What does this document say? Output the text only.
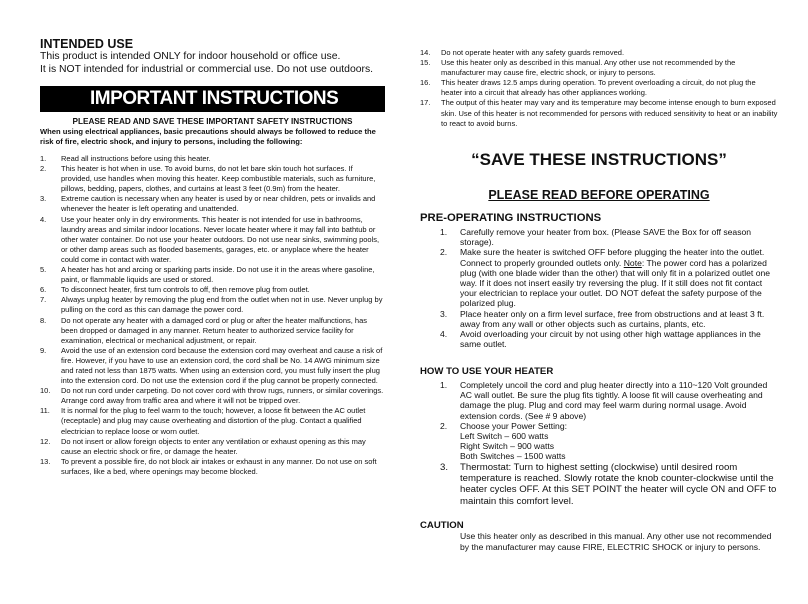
INTENDED USE
This product is intended ONLY for indoor household or office use.
It is NOT intended for industrial or commercial use. Do not use outdoors.
IMPORTANT INSTRUCTIONS
PLEASE READ AND SAVE THESE IMPORTANT SAFETY INSTRUCTIONS
When using electrical appliances, basic precautions should always be followed to reduce the risk of fire, electric shock, and injury to persons, including the following:
1. Read all instructions before using this heater.
2. This heater is hot when in use. To avoid burns, do not let bare skin touch hot surfaces. If provided, use handles when moving this heater. Keep combustible materials, such as furniture, pillows, bedding, papers, clothes, and curtains at least 3 feet (0.9m) from the heater.
3. Extreme caution is necessary when any heater is used by or near children, pets or invalids and whenever the heater is left operating and unattended.
4. Use your heater only in dry environments. This heater is not intended for use in bathrooms, laundry areas and similar indoor locations. Never locate heater where it may fall into bathtub or other water container. Do not use your heater outdoors. Do not use near sinks, swimming pools, or other damp areas such as flooded basements, garages, etc. or anyplace where the heater could come in contact with water.
5. A heater has hot and arcing or sparking parts inside. Do not use it in the areas where gasoline, paint, or flammable liquids are used or stored.
6. To disconnect heater, first turn controls to off, then remove plug from outlet.
7. Always unplug heater by removing the plug end from the outlet when not in use. Never unplug by pulling on the cord as this can damage the power cord.
8. Do not operate any heater with a damaged cord or plug or after the heater malfunctions, has been dropped or damaged in any manner. Return heater to authorized service facility for examination, electrical or mechanical adjustment, or repair.
9. Avoid the use of an extension cord because the extension cord may overheat and cause a risk of fire. However, if you have to use an extension cord, the cord shall be No. 14 AWG minimum size and rated not less than 1875 watts. When using an extension cord, you must fully insert the plug into the extension cord. Do not use the extension cord if the plug cannot be properly connected.
10. Do not run cord under carpeting. Do not cover cord with throw rugs, runners, or similar coverings. Arrange cord away from traffic area and where it will not be tripped over.
11. It is normal for the plug to feel warm to the touch; however, a loose fit between the AC outlet (receptacle) and plug may cause overheating and distortion of the plug. Contact a qualified electrician to replace loose or worn outlet.
12. Do not insert or allow foreign objects to enter any ventilation or exhaust opening as this may cause an electric shock or fire, or damage the heater.
13. To prevent a possible fire, do not block air intakes or exhaust in any manner. Do not use on soft surfaces, like a bed, where openings may become blocked.
14. Do not operate heater with any safety guards removed.
15. Use this heater only as described in this manual. Any other use not recommended by the manufacturer may cause fire, electric shock, or injury to persons.
16. This heater draws 12.5 amps during operation. To prevent overloading a circuit, do not plug the heater into a circuit that already has other appliances working.
17. The output of this heater may vary and its temperature may become intense enough to burn exposed skin. Use of this heater is not recommended for persons with reduced sensitivity to heat or an inability to react to avoid burns.
“SAVE THESE INSTRUCTIONS”
PLEASE READ BEFORE OPERATING
PRE-OPERATING INSTRUCTIONS
1. Carefully remove your heater from box. (Please SAVE the Box for off season storage).
2. Make sure the heater is switched OFF before plugging the heater into the outlet. Connect to properly grounded outlets only. Note: The power cord has a polarized plug (with one blade wider than the other) that will only fit in a polarized outlet one way. If it does not insert easily try reversing the plug. If it still does not fit contact your electrician to replace your outlet. DO NOT defeat the safety purpose of the polarized plug.
3. Place heater only on a firm level surface, free from obstructions and at least 3 ft. away from any wall or other objects such as curtains, plants, etc.
4. Avoid overloading your circuit by not using other high wattage appliances in the same outlet.
HOW TO USE YOUR HEATER
1. Completely uncoil the cord and plug heater directly into a 110~120 Volt grounded AC wall outlet. Be sure the plug fits tightly. A loose fit will cause overheating and damage the plug. Plug and cord may feel warm during normal usage. Avoid extension cords. (See # 9 above)
2. Choose your Power Setting:
Left Switch – 600 watts
Right Switch – 900 watts
Both Switches – 1500 watts
3. Thermostat: Turn to highest setting (clockwise) until desired room temperature is reached. Slowly rotate the knob counter-clockwise until the heater cycles OFF. At this SET POINT the heater will cycle ON and OFF to maintain this comfort level.
CAUTION
Use this heater only as described in this manual. Any other use not recommended by the manufacturer may cause FIRE, ELECTRIC SHOCK or injury to persons.
